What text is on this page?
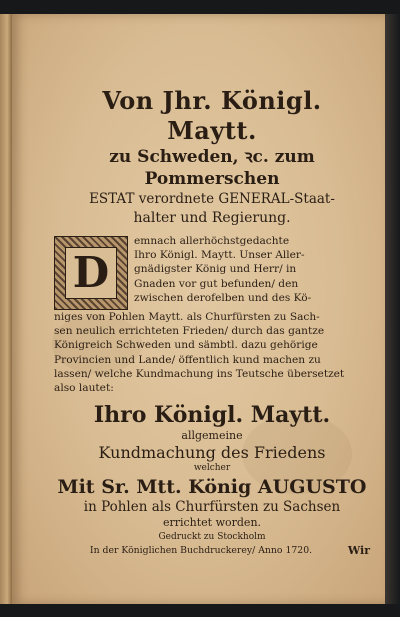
Von Jhr. Königl. Maytt.

zu Schweden, ꝛc. zum Pommerschen

ESTAT verordnete GENERAL-Staat-

halter und Regierung.

D
emnach allerhöchstgedachte
Ihro Königl. Maytt. Unser Aller-
gnädigster König und Herr/ in
Gnaden vor gut befunden/ den
zwischen derofelben und des Kö-
niges von Pohlen Maytt. als Churfürsten zu Sach-
sen neulich errichteten Frieden/ durch das gantze
Königreich Schweden und sämbtl. dazu gehörige
Provincien und Lande/ öffentlich kund machen zu
lassen/ welche Kundmachung ins Teutsche übersetzet
also lautet:

Ihro Königl. Maytt.

allgemeine

Kundmachung des Friedens

welcher

Mit Sr. Mtt. König AUGUSTO

in Pohlen als Churfürsten zu Sachsen

errichtet worden.

Gedruckt zu Stockholm

In der Königlichen Buchdruckerey/ Anno 1720.	Wir
